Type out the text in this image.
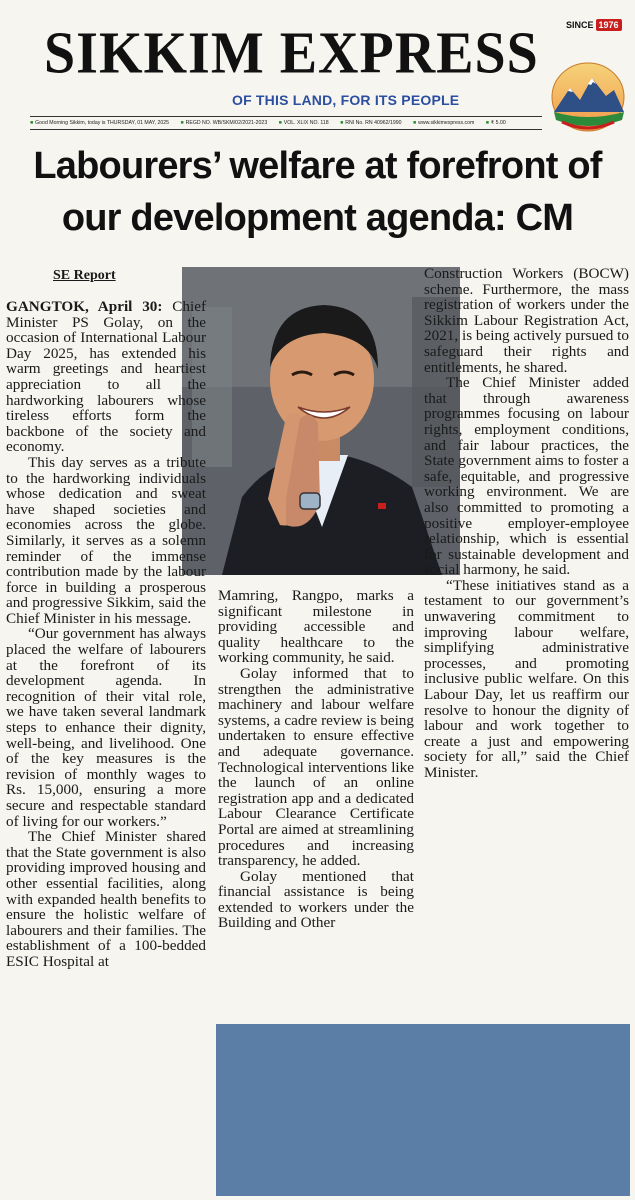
SIKKIM EXPRESS	SINCE 1976
OF THIS LAND, FOR ITS PEOPLE
■ Good Morning Sikkim, today is THURSDAY, 01 MAY, 2025 ■ REGD NO. WB/SKM/02/2021-2023 ■ VOL. XLIX NO. 118 ■ RNI No. RN 40962/1990 ■ www.sikkimexpress.com ■ ₹ 5.00
Labourers’ welfare at forefront of
our development agenda: CM
SE Report

GANGTOK, April 30: Chief Minister PS Golay, on the occasion of International Labour Day 2025, has extended his warm greetings and heartiest appreciation to all the hardworking labourers whose tireless efforts form the backbone of the society and economy.

This day serves as a tribute to the hardworking individuals whose dedication and sweat have shaped societies and economies across the globe. Similarly, it serves as a solemn reminder of the immense contribution made by the labour force in building a prosperous and progressive Sikkim, said the Chief Minister in his message.

“Our government has always placed the welfare of labourers at the forefront of its development agenda. In recognition of their vital role, we have taken several landmark steps to enhance their dignity, well-being, and livelihood. One of the key measures is the revision of monthly wages to Rs. 15,000, ensuring a more secure and respectable standard of living for our workers.”

The Chief Minister shared that the State government is also providing improved housing and other essential facilities, along with expanded health benefits to ensure the holistic welfare of labourers and their families. The establishment of a 100-bedded ESIC Hospital at

Mamring, Rangpo, marks a significant milestone in providing accessible and quality healthcare to the working community, he said.

Golay informed that to strengthen the administrative machinery and labour welfare systems, a cadre review is being undertaken to ensure effective and adequate governance. Technological interventions like the launch of an online registration app and a dedicated Labour Clearance Certificate Portal are aimed at streamlining procedures and increasing transparency, he added.

Golay mentioned that financial assistance is being extended to workers under the Building and Other

Construction Workers (BOCW) scheme. Furthermore, the mass registration of workers under the Sikkim Labour Registration Act, 2021, is being actively pursued to safeguard their rights and entitlements, he shared.

The Chief Minister added that through awareness programmes focusing on labour rights, employment conditions, and fair labour practices, the State government aims to foster a safe, equitable, and progressive working environment. We are also committed to promoting a positive employer-employee relationship, which is essential for sustainable development and social harmony, he said.

“These initiatives stand as a testament to our government’s unwavering commitment to improving labour welfare, simplifying administrative processes, and promoting inclusive public welfare. On this Labour Day, let us reaffirm our resolve to honour the dignity of labour and work together to create a just and empowering society for all,” said the Chief Minister.
